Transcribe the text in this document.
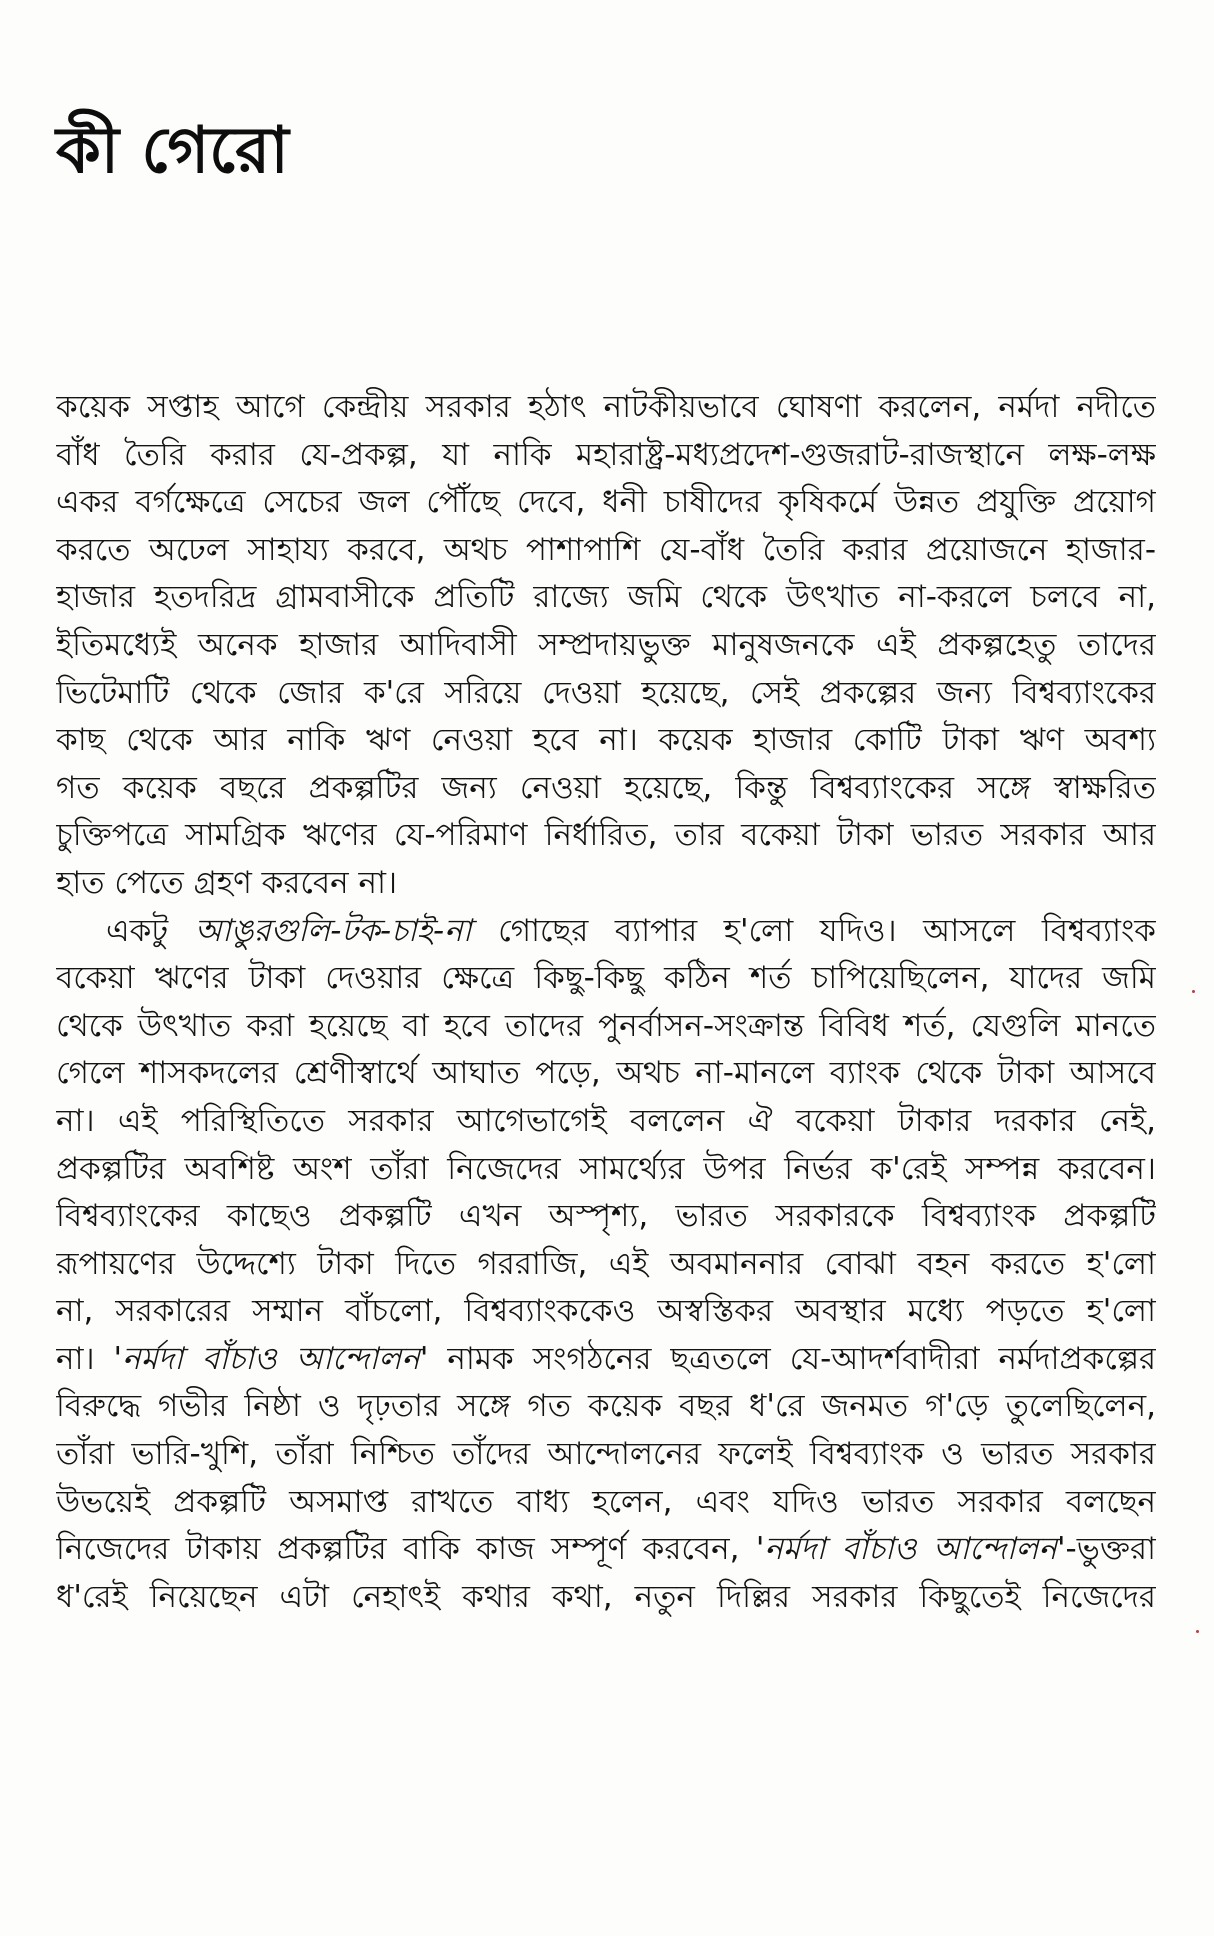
কী গেরো
কয়েক সপ্তাহ আগে কেন্দ্রীয় সরকার হঠাৎ নাটকীয়ভাবে ঘোষণা করলেন, নর্মদা নদীতে
বাঁধ তৈরি করার যে-প্রকল্প, যা নাকি মহারাষ্ট্র-মধ্যপ্রদেশ-গুজরাট-রাজস্থানে লক্ষ-লক্ষ
একর বর্গক্ষেত্রে সেচের জল পৌঁছে দেবে, ধনী চাষীদের কৃষিকর্মে উন্নত প্রযুক্তি প্রয়োগ
করতে অঢেল সাহায্য করবে, অথচ পাশাপাশি যে-বাঁধ তৈরি করার প্রয়োজনে হাজার-
হাজার হতদরিদ্র গ্রামবাসীকে প্রতিটি রাজ্যে জমি থেকে উৎখাত না-করলে চলবে না,
ইতিমধ্যেই অনেক হাজার আদিবাসী সম্প্রদায়ভুক্ত মানুষজনকে এই প্রকল্পহেতু তাদের
ভিটেমাটি থেকে জোর ক'রে সরিয়ে দেওয়া হয়েছে, সেই প্রকল্পের জন্য বিশ্বব্যাংকের
কাছ থেকে আর নাকি ঋণ নেওয়া হবে না। কয়েক হাজার কোটি টাকা ঋণ অবশ্য
গত কয়েক বছরে প্রকল্পটির জন্য নেওয়া হয়েছে, কিন্তু বিশ্বব্যাংকের সঙ্গে স্বাক্ষরিত
চুক্তিপত্রে সামগ্রিক ঋণের যে-পরিমাণ নির্ধারিত, তার বকেয়া টাকা ভারত সরকার আর
হাত পেতে গ্রহণ করবেন না।
একটু আঙুরগুলি-টক-চাই-না গোছের ব্যাপার হ'লো যদিও। আসলে বিশ্বব্যাংক
বকেয়া ঋণের টাকা দেওয়ার ক্ষেত্রে কিছু-কিছু কঠিন শর্ত চাপিয়েছিলেন, যাদের জমি
থেকে উৎখাত করা হয়েছে বা হবে তাদের পুনর্বাসন-সংক্রান্ত বিবিধ শর্ত, যেগুলি মানতে
গেলে শাসকদলের শ্রেণীস্বার্থে আঘাত পড়ে, অথচ না-মানলে ব্যাংক থেকে টাকা আসবে
না। এই পরিস্থিতিতে সরকার আগেভাগেই বললেন ঐ বকেয়া টাকার দরকার নেই,
প্রকল্পটির অবশিষ্ট অংশ তাঁরা নিজেদের সামর্থ্যের উপর নির্ভর ক'রেই সম্পন্ন করবেন।
বিশ্বব্যাংকের কাছেও প্রকল্পটি এখন অস্পৃশ্য, ভারত সরকারকে বিশ্বব্যাংক প্রকল্পটি
রূপায়ণের উদ্দেশ্যে টাকা দিতে গররাজি, এই অবমাননার বোঝা বহন করতে হ'লো
না, সরকারের সম্মান বাঁচলো, বিশ্বব্যাংককেও অস্বস্তিকর অবস্থার মধ্যে পড়তে হ'লো
না। 'নর্মদা বাঁচাও আন্দোলন' নামক সংগঠনের ছত্রতলে যে-আদর্শবাদীরা নর্মদাপ্রকল্পের
বিরুদ্ধে গভীর নিষ্ঠা ও দৃঢ়তার সঙ্গে গত কয়েক বছর ধ'রে জনমত গ'ড়ে তুলেছিলেন,
তাঁরা ভারি-খুশি, তাঁরা নিশ্চিত তাঁদের আন্দোলনের ফলেই বিশ্বব্যাংক ও ভারত সরকার
উভয়েই প্রকল্পটি অসমাপ্ত রাখতে বাধ্য হলেন, এবং যদিও ভারত সরকার বলছেন
নিজেদের টাকায় প্রকল্পটির বাকি কাজ সম্পূর্ণ করবেন, 'নর্মদা বাঁচাও আন্দোলন'-ভুক্তরা
ধ'রেই নিয়েছেন এটা নেহাৎই কথার কথা, নতুন দিল্লির সরকার কিছুতেই নিজেদের
